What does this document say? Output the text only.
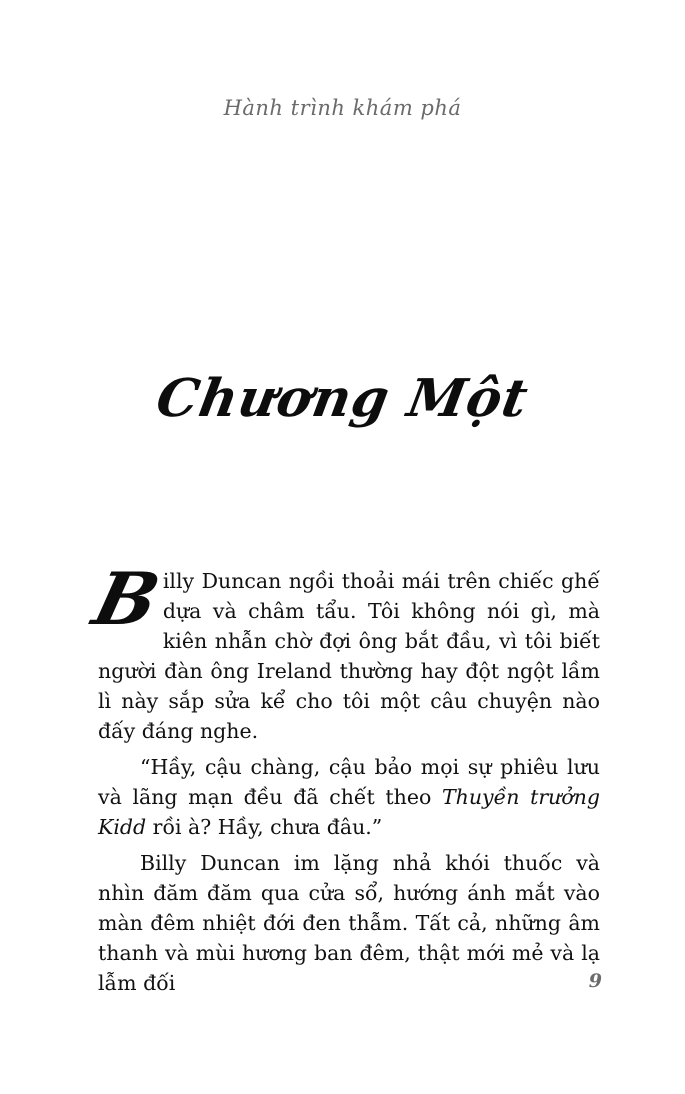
Hành trình khám phá
Chương Một

B
illy Duncan ngồi thoải mái trên chiếc ghế dựa và châm tẩu. Tôi không nói gì, mà kiên nhẫn chờ đợi ông bắt đầu, vì tôi biết người đàn ông Ireland thường hay đột ngột lầm lì này sắp sửa kể cho tôi một câu chuyện nào đấy đáng nghe.

“Hầy, cậu chàng, cậu bảo mọi sự phiêu lưu và lãng mạn đều đã chết theo Thuyền trưởng Kidd rồi à? Hầy, chưa đâu.”

Billy Duncan im lặng nhả khói thuốc và nhìn đăm đăm qua cửa sổ, hướng ánh mắt vào màn đêm nhiệt đới đen thẫm. Tất cả, những âm thanh và mùi hương ban đêm, thật mới mẻ và lạ lẫm đối	9
